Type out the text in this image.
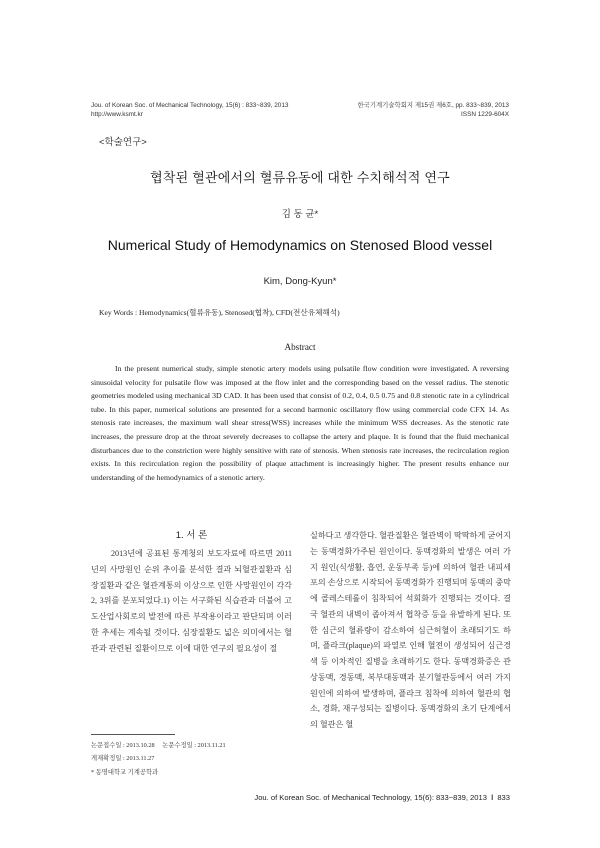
Jou. of Korean Soc. of Mechanical Technology, 15(6) : 833~839, 2013
http://www.ksmt.kr
한국기계기술학회지 제15권 제6호, pp. 833~839, 2013
ISSN 1229-604X
<학술연구>
협착된 혈관에서의 혈류유동에 대한 수치해석적 연구
김 동 균*
Numerical Study of Hemodynamics on Stenosed Blood vessel
Kim, Dong-Kyun*
Key Words : Hemodynamics(혈류유동), Stenosed(협착), CFD(전산유체해석)
Abstract

In the present numerical study, simple stenotic artery models using pulsatile flow condition were investigated. A reversing sinusoidal velocity for pulsatile flow was imposed at the flow inlet and the corresponding based on the vessel radius. The stenotic geometries modeled using mechanical 3D CAD. It has been used that consist of 0.2, 0.4, 0.5 0.75 and 0.8 stenotic rate in a cylindrical tube. In this paper, numerical solutions are presented for a second harmonic oscillatory flow using commercial code CFX 14. As stenosis rate increases, the maximum wall shear stress(WSS) increases while the minimum WSS decreases. As the stenotic rate increases, the pressure drop at the throat severely decreases to collapse the artery and plaque. It is found that the fluid mechanical disturbances due to the constriction were highly sensitive with rate of stenosis. When stenosis rate increases, the recirculation region exists. In this recirculation region the possibility of plaque attachment is increasingly higher. The present results enhance our understanding of the hemodynamics of a stenotic artery.

1. 서 론

2013년에 공표된 통계청의 보도자료에 따르면 2011년의 사망원인 순위 추이를 분석한 결과 뇌혈관질환과 심장질환과 같은 혈관계통의 이상으로 인한 사망원인이 각각 2, 3위를 분포되었다.1) 이는 서구화된 식습관과 더불어 고도산업사회로의 발전에 따른 부작용이라고 판단되며 이러한 추세는 계속될 것이다. 심장질환도 넓은 의미에서는 혈관과 관련된 질환이므로 이에 대한 연구의 필요성이 절

실하다고 생각한다. 혈관질환은 혈관벽이 딱딱하게 굳어지는 동맥경화가주된 원인이다. 동맥경화의 발생은 여러 가지 원인(식생활, 흡연, 운동부족 등)에 의하여 혈관 내피세포의 손상으로 시작되어 동맥경화가 진행되며 동맥의 중막에 콜레스테롤이 침착되어 석회화가 진행되는 것이다. 결국 혈관의 내벽이 좁아져서 협착증 등을 유발하게 된다. 또한 심근의 혈류량이 감소하여 심근허혈이 초래되기도 하며, 플라크(plaque)의 파열로 인해 혈전이 생성되어 심근경색 등 이차적인 질병을 초래하기도 한다. 동맥경화증은 관상동맥, 경동맥, 복부대동맥과 분기혈관등에서 여러 가지 원인에 의하여 발생하며, 플라크 침착에 의하여 혈관의 협소, 경화, 재구성되는 질병이다. 동맥경화의 초기 단계에서의 혈관은 혈

논문접수일 : 2013.10.28 논문수정일 : 2013.11.21
게재확정일 : 2013.11.27
* 동명대학교 기계공학과
Jou. of Korean Soc. of Mechanical Technology, 15(6): 833~839, 2013 ǀ 833
